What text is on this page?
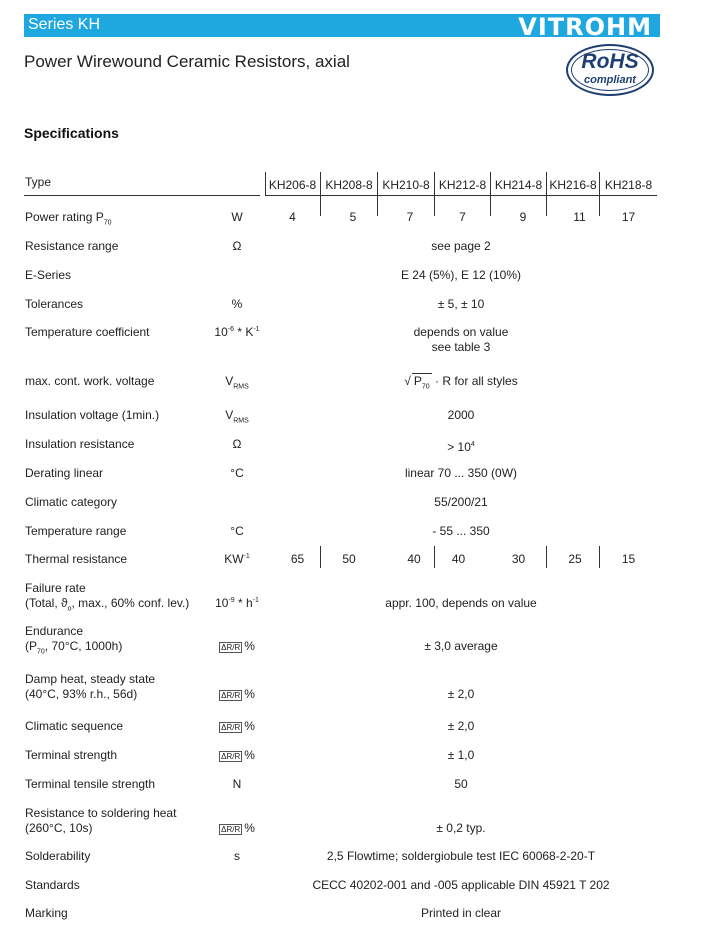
Series KH	VITROHM
Power Wirewound Ceramic Resistors, axial	RoHS
compliant
Specifications
Type	KH206-8 KH208-8 KH210-8 KH212-8 KH214-8 KH216-8 KH218-8
Power rating $P_{70}$	W	4	5	7	7	9	11	17
Resistance range	Ω	see page 2
E-Series	E 24 (5%), E 12 (10%)
Tolerances	%	± 5, ± 10
Temperature coefficient	$10^{-6} * K^{-1}$	depends on value
see table 3
max. cont. work. voltage	$V_{RMS}$	√ $P_{70} \cdot R$ for all styles
Insulation voltage (1min.)	$V_{RMS}$	2000
Insulation resistance	Ω	> $10^4$
Derating linear	°C	linear 70 ... 350 (0W)
Climatic category	55/200/21
Temperature range	°C	- 55 ... 350
Thermal resistance	$KW^{-1}$	65	50	40	40	30	25	15
Failure rate
(Total, $ϑ_o$, max., 60% conf. lev.)	$10^{-9} * h^{-1}$	appr. 100, depends on value
Endurance
($P_{70}$, 70°C, 1000h)	ΔR/R %	± 3,0 average
Damp heat, steady state
(40°C, 93% r.h., 56d)	ΔR/R %	± 2,0
Climatic sequence	ΔR/R %	± 2,0
Terminal strength	ΔR/R %	± 1,0
Terminal tensile strength	N	50
Resistance to soldering heat
(260°C, 10s)	ΔR/R %	± 0,2 typ.
Solderability	s	2,5 Flowtime; soldergiobule test IEC 60068-2-20-T
Standards	CECC 40202-001 and -005 applicable DIN 45921 T 202
Marking	Printed in clear
